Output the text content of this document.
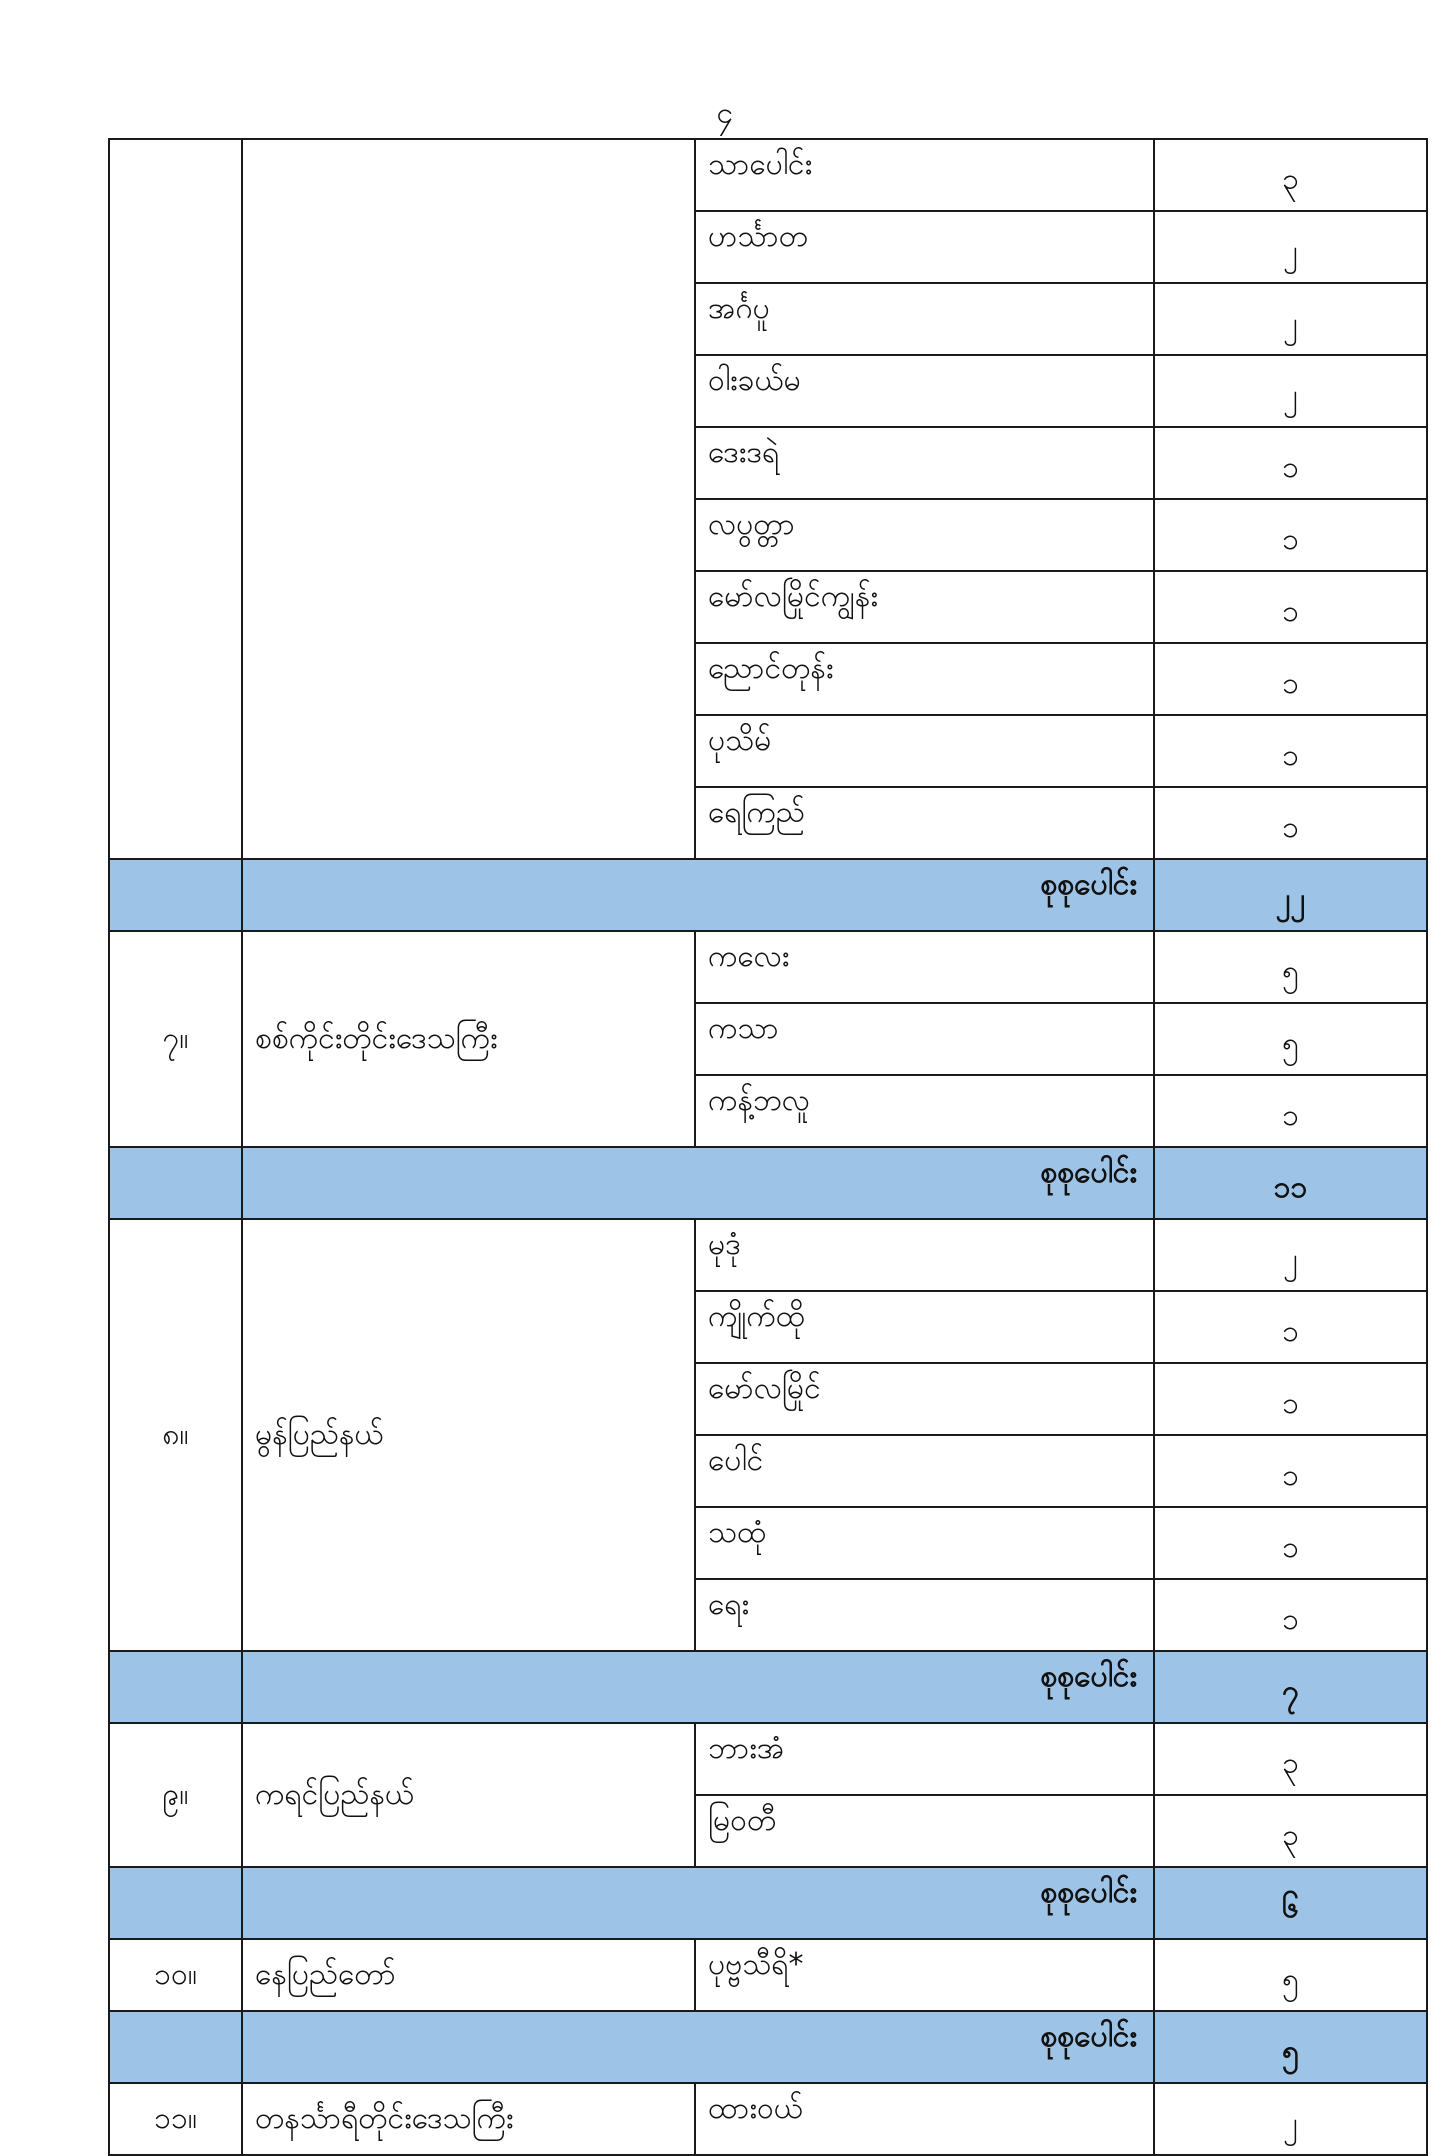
၄
		သာပေါင်း	၃
		ဟင်္သာတ	၂
		အင်္ဂပူ	၂
		ဝါးခယ်မ	၂
		ဒေးဒရဲ	၁
		လပွတ္တာ	၁
		မော်လမြိုင်ကျွန်း	၁
		ညောင်တုန်း	၁
		ပုသိမ်	၁
		ရေကြည်	၁
	စုစုပေါင်း		၂၂
၇။	စစ်ကိုင်းတိုင်းဒေသကြီး	ကလေး	၅
		ကသာ	၅
		ကန့်ဘလူ	၁
	စုစုပေါင်း		၁၁
၈။	မွန်ပြည်နယ်	မုဒုံ	၂
		ကျိုက်ထို	၁
		မော်လမြိုင်	၁
		ပေါင်	၁
		သထုံ	၁
		ရေး	၁
	စုစုပေါင်း		၇
၉။	ကရင်ပြည်နယ်	ဘားအံ	၃
		မြဝတီ	၃
	စုစုပေါင်း		၆
၁၀။	နေပြည်တော်	ပုဗ္ဗသီရိ*	၅
	စုစုပေါင်း		၅
၁၁။	တနင်္သာရီတိုင်းဒေသကြီး	ထားဝယ်	၂
